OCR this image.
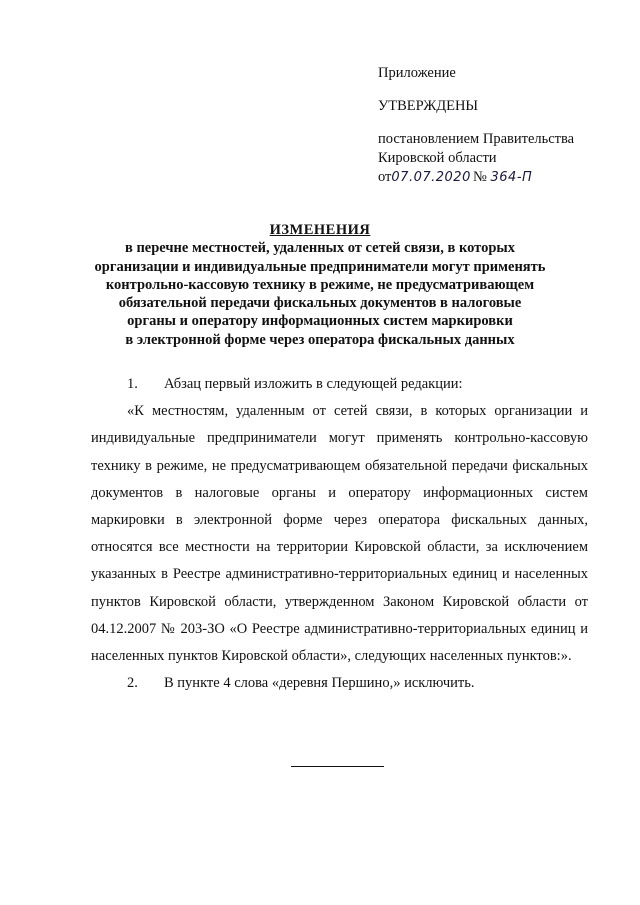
Приложение
УТВЕРЖДЕНЫ
постановлением Правительства
Кировской области
от07.07.2020 № 364-П
ИЗМЕНЕНИЯ
в перечне местностей, удаленных от сетей связи, в которых
организации и индивидуальные предприниматели могут применять
контрольно-кассовую технику в режиме, не предусматривающем
обязательной передачи фискальных документов в налоговые
органы и оператору информационных систем маркировки
в электронной форме через оператора фискальных данных

1. Абзац первый изложить в следующей редакции:

«К местностям, удаленным от сетей связи, в которых организации и индивидуальные предприниматели могут применять контрольно-кассовую технику в режиме, не предусматривающем обязательной передачи фискальных документов в налоговые органы и оператору информационных систем маркировки в электронной форме через оператора фискальных данных, относятся все местности на территории Кировской области, за исключением указанных в Реестре административно-территориальных единиц и населенных пунктов Кировской области, утвержденном Законом Кировской области от 04.12.2007 № 203-ЗО «О Реестре административно-территориальных единиц и населенных пунктов Кировской области», следующих населенных пунктов:».

2. В пункте 4 слова «деревня Першино,» исключить.
